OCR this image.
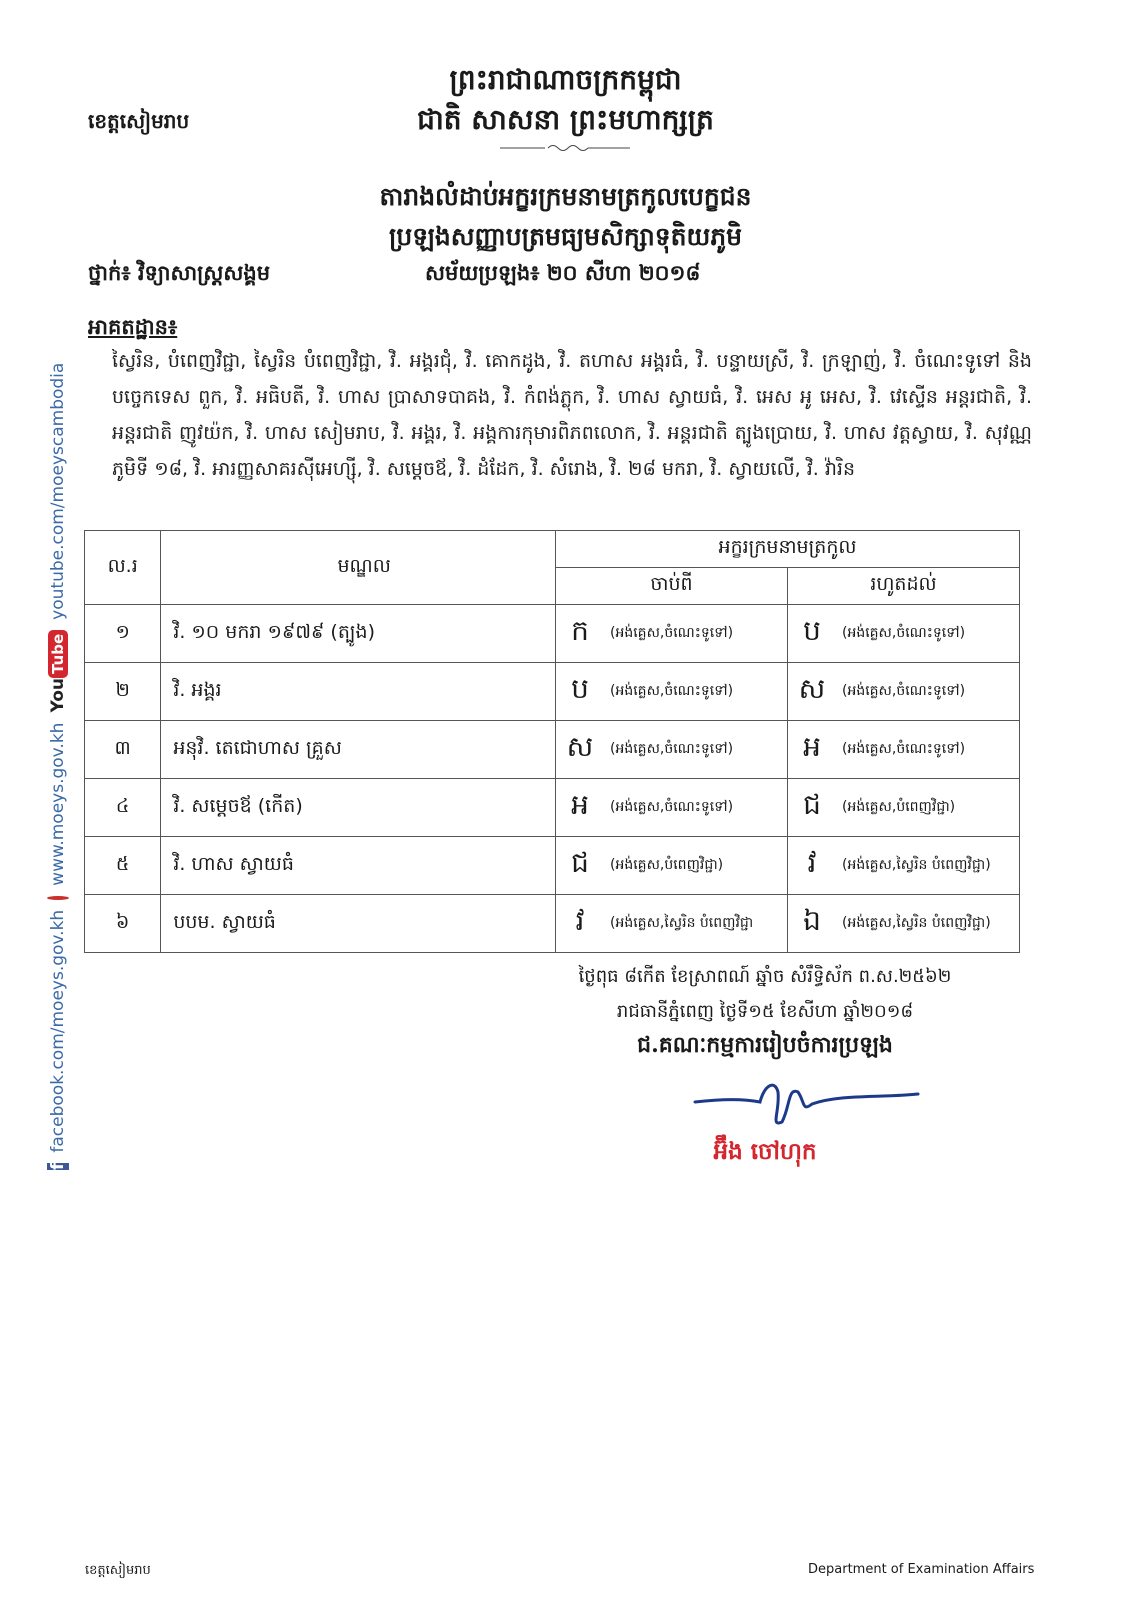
ព្រះរាជាណាចក្រកម្ពុជា
ជាតិ សាសនា ព្រះមហាក្សត្រ
ខេត្តសៀមរាប
តារាងលំដាប់អក្ខរក្រមនាមត្រកូលបេក្ខជន
ប្រឡងសញ្ញាបត្រមធ្យមសិក្សាទុតិយភូមិ
ថ្នាក់៖ វិទ្យាសាស្ត្រសង្គម	សម័យប្រឡង៖ ២០ សីហា ២០១៨
អាគតដ្ឋាន៖
ស្វៃរិន, បំពេញវិជ្ជា, ស្វៃរិន បំពេញវិជ្ជា, វិ. អង្គរជុំ, វិ. គោកដូង, វិ. តហាស អង្គរធំ, វិ. បន្ទាយស្រី, វិ. ក្រឡាញ់, វិ. ចំណេះទូទៅ និងបច្ចេកទេស ពួក, វិ. អធិបតី, វិ. ហាស ប្រាសាទបាគង, វិ. កំពង់ភ្លុក, វិ. ហាស ស្វាយធំ, វិ. អេស អូ អេស, វិ. វេស្ទើន អន្តរជាតិ, វិ. អន្តរជាតិ ញូវយ៉ក, វិ. ហាស សៀមរាប, វិ. អង្គរ, វិ. អង្គការកុមារពិភពលោក, វិ. អន្តរជាតិ ត្បូងប្រោយ, វិ. ហាស វត្តស្វាយ, វិ. សុវណ្ណភូមិទី ១៨, វិ. អារញ្ញសាគរស៊ីអេហ្ស៊ី, វិ. សម្ដេចឪ, វិ. ដំដែក, វិ. សំរោង, វិ. ២៨ មករា, វិ. ស្វាយលើ, វិ. វ៉ារិន
ល.រ	មណ្ឌល	អក្ខរក្រមនាមត្រកូល	
		ចាប់ពី	រហូតដល់
១	វិ. ១០ មករា ១៩៧៩ (ត្បូង)	ក (អង់គ្លេស,ចំណេះទូទៅ)	ប (អង់គ្លេស,ចំណេះទូទៅ)

២	វិ. អង្គរ	ប (អង់គ្លេស,ចំណេះទូទៅ)	ស (អង់គ្លេស,ចំណេះទូទៅ)

៣	អនុវិ. តេជោហាស គ្រួស	ស (អង់គ្លេស,ចំណេះទូទៅ)	អ (អង់គ្លេស,ចំណេះទូទៅ)

៤	វិ. សម្ដេចឪ (កើត)	អ (អង់គ្លេស,ចំណេះទូទៅ)	ជ (អង់គ្លេស,បំពេញវិជ្ជា)

៥	វិ. ហាស ស្វាយធំ	ជ (អង់គ្លេស,បំពេញវិជ្ជា)	វ (អង់គ្លេស,ស្វៃរិន បំពេញវិជ្ជា)

៦	បបម. ស្វាយធំ	វ (អង់គ្លេស,ស្វៃរិន បំពេញវិជ្ជា	ឯ (អង់គ្លេស,ស្វៃរិន បំពេញវិជ្ជា)
ថ្ងៃពុធ ៨កើត ខែស្រាពណ៍ ឆ្នាំច សំរឹទ្ធិស័ក ព.ស.២៥៦២
រាជធានីភ្នំពេញ ថ្ងៃទី១៥ ខែសីហា ឆ្នាំ២០១៨
ជ.គណៈកម្មការរៀបចំការប្រឡង
អ៊ឹង ចៅហុក
f
facebook.com/moeys.gov.kh
www.moeys.gov.kh
YouTube
youtube.com/moeyscambodia
ខេត្តសៀមរាប	Department of Examination Affairs
